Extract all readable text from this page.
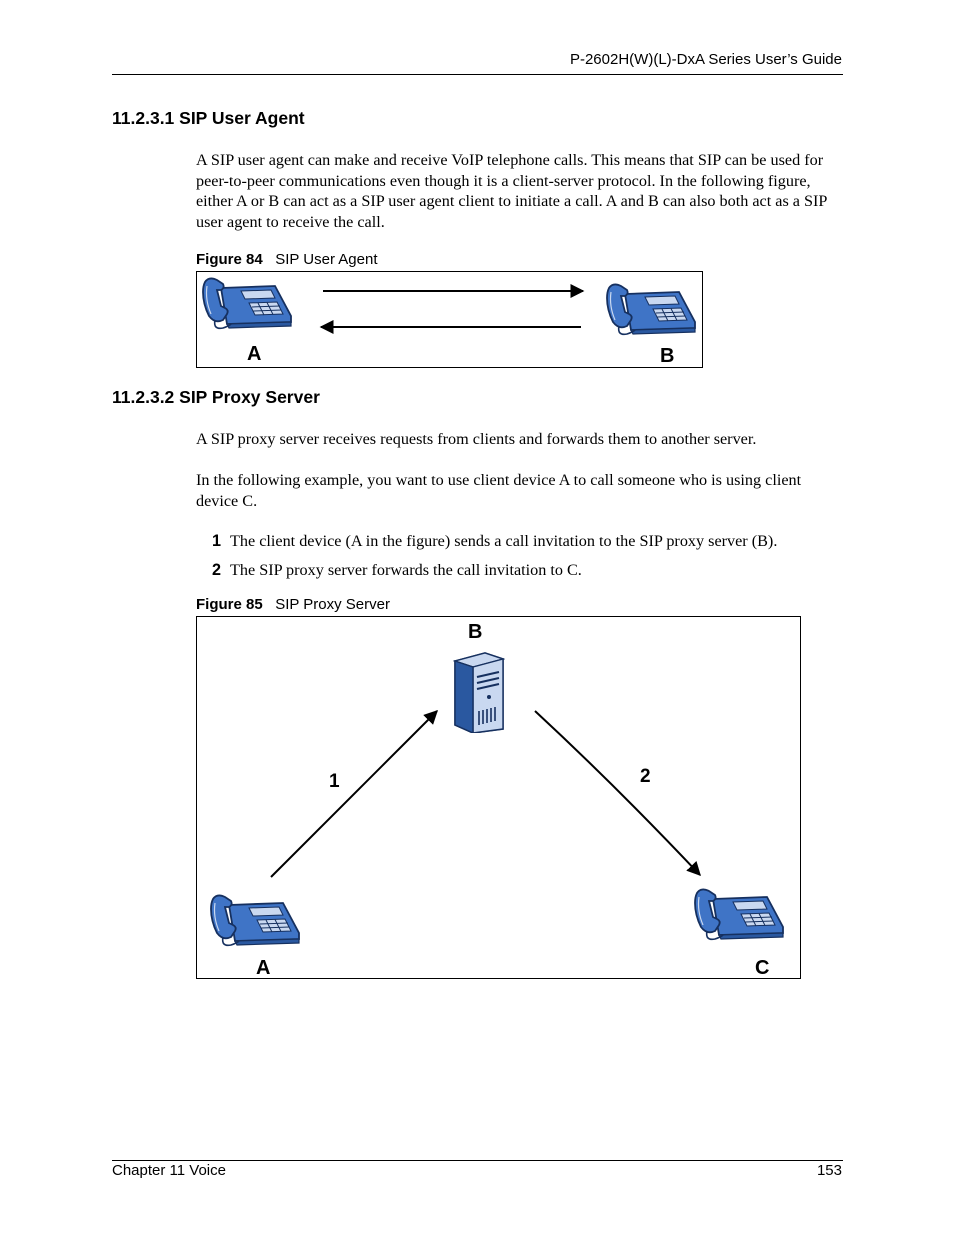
P-2602H(W)(L)-DxA Series User’s Guide
11.2.3.1 SIP User Agent
A SIP user agent can make and receive VoIP telephone calls. This means that SIP can be used for peer-to-peer communications even though it is a client-server protocol. In the following figure, either A or B can act as a SIP user agent client to initiate a call. A and B can also both act as a SIP user agent to receive the call.
Figure 84 SIP User Agent
A	B
11.2.3.2 SIP Proxy Server
A SIP proxy server receives requests from clients and forwards them to another server.
In the following example, you want to use client device A to call someone who is using client device C.
1 The client device (A in the figure) sends a call invitation to the SIP proxy server (B).
2 The SIP proxy server forwards the call invitation to C.
Figure 85 SIP Proxy Server
B
1	2
A	C
Chapter 11 Voice	153
